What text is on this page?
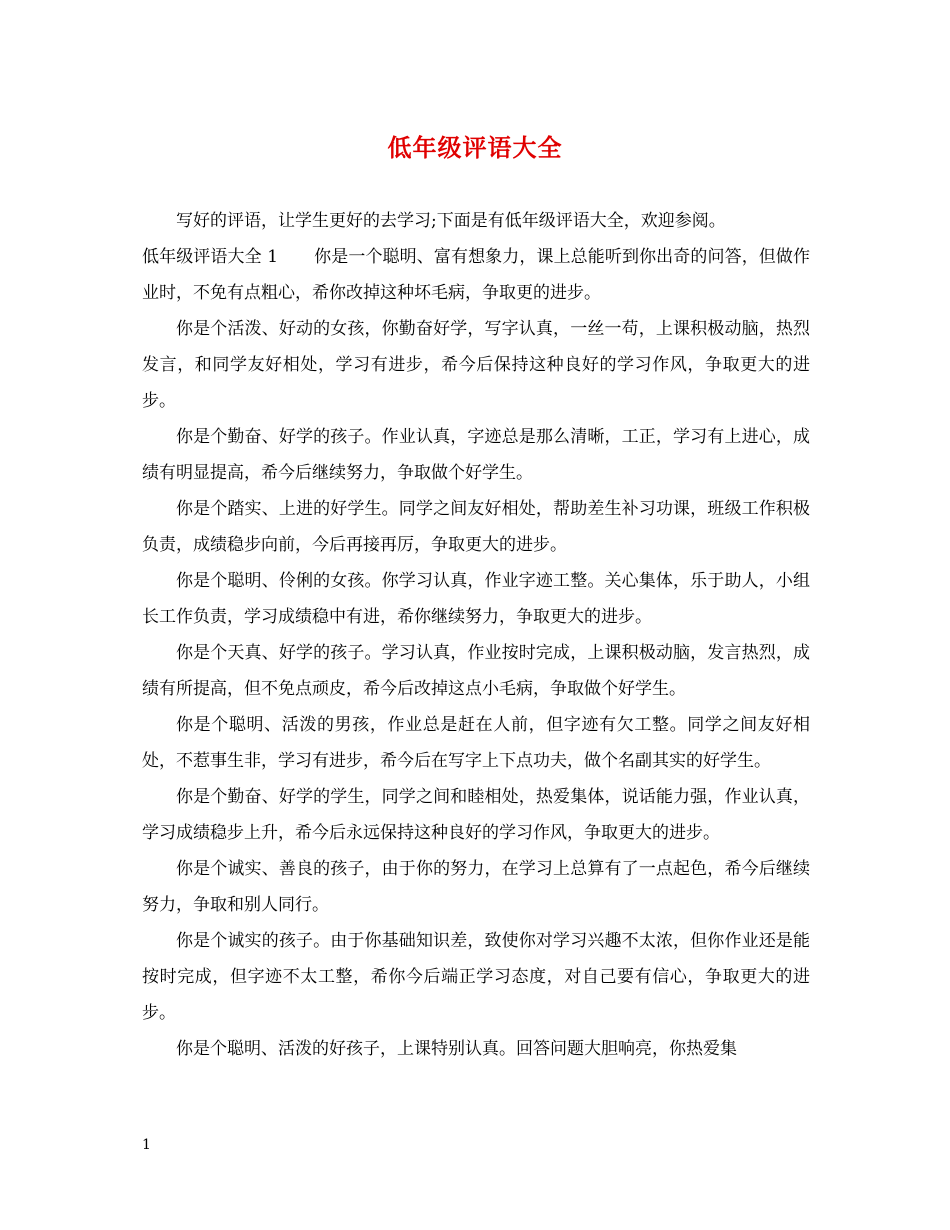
低年级评语大全

写好的评语，让学生更好的去学习;下面是有低年级评语大全，欢迎参阅。

低年级评语大全 1 你是一个聪明、富有想象力，课上总能听到你出奇的问答，但做作业时，不免有点粗心，希你改掉这种坏毛病，争取更的进步。

你是个活泼、好动的女孩，你勤奋好学，写字认真，一丝一苟，上课积极动脑，热烈发言，和同学友好相处，学习有进步，希今后保持这种良好的学习作风，争取更大的进步。

你是个勤奋、好学的孩子。作业认真，字迹总是那么清晰，工正，学习有上进心，成绩有明显提高，希今后继续努力，争取做个好学生。

你是个踏实、上进的好学生。同学之间友好相处，帮助差生补习功课，班级工作积极负责，成绩稳步向前，今后再接再厉，争取更大的进步。

你是个聪明、伶俐的女孩。你学习认真，作业字迹工整。关心集体，乐于助人，小组长工作负责，学习成绩稳中有进，希你继续努力，争取更大的进步。

你是个天真、好学的孩子。学习认真，作业按时完成，上课积极动脑，发言热烈，成绩有所提高，但不免点顽皮，希今后改掉这点小毛病，争取做个好学生。

你是个聪明、活泼的男孩，作业总是赶在人前，但字迹有欠工整。同学之间友好相处，不惹事生非，学习有进步，希今后在写字上下点功夫，做个名副其实的好学生。

你是个勤奋、好学的学生，同学之间和睦相处，热爱集体，说话能力强，作业认真，学习成绩稳步上升，希今后永远保持这种良好的学习作风，争取更大的进步。

你是个诚实、善良的孩子，由于你的努力，在学习上总算有了一点起色，希今后继续努力，争取和别人同行。

你是个诚实的孩子。由于你基础知识差，致使你对学习兴趣不太浓，但你作业还是能按时完成，但字迹不太工整，希你今后端正学习态度，对自己要有信心，争取更大的进步。

你是个聪明、活泼的好孩子，上课特别认真。回答问题大胆响亮，你热爱集

1
